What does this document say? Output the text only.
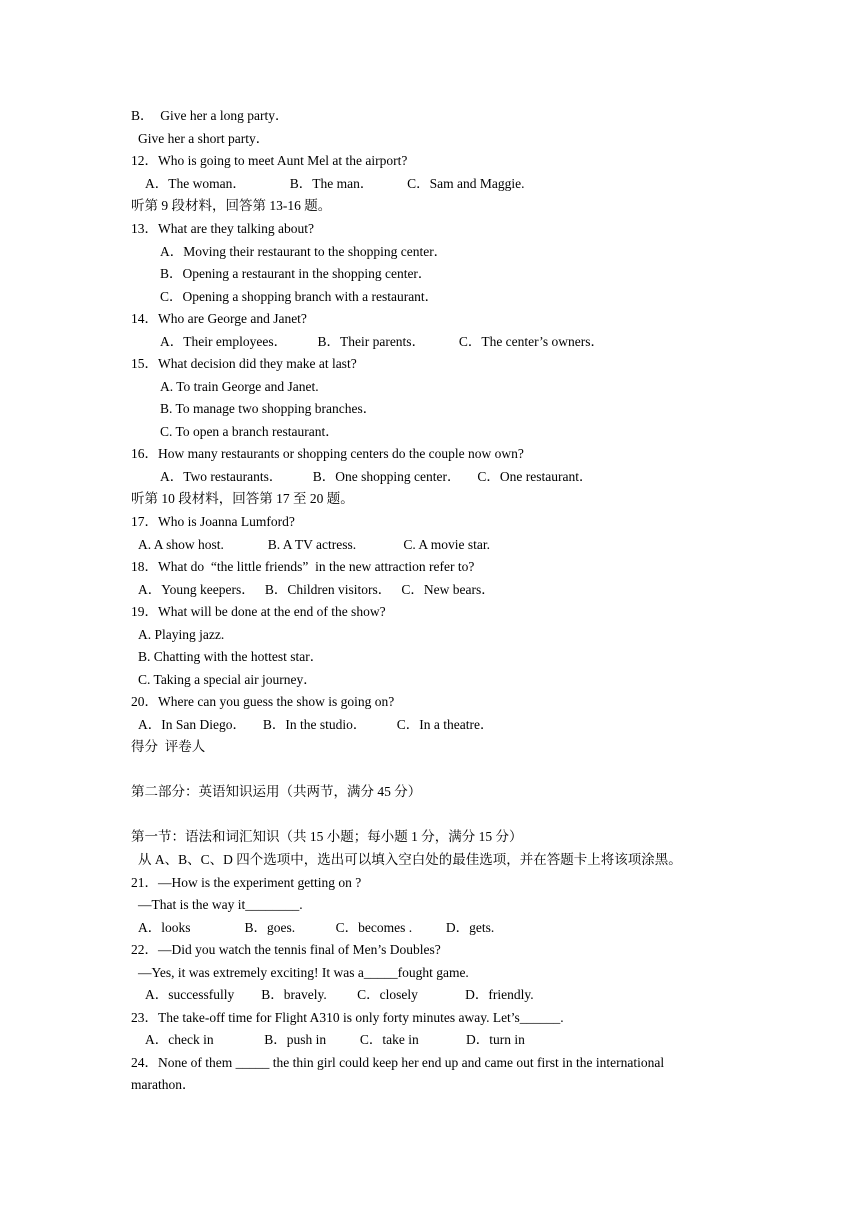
B．  Give her a long party．
Give her a short party．
12．Who is going to meet Aunt Mel at the airport?
A．The woman．             B．The man．          C．Sam and Maggie.
听第 9 段材料，回答第 13-16 题。
13．What are they talking about?
A．Moving their restaurant to the shopping center．
B．Opening a restaurant in the shopping center．
C．Opening a shopping branch with a restaurant．
14．Who are George and Janet?
A．Their employees．         B．Their parents．          C．The center’s owners．
15．What decision did they make at last?
A. To train George and Janet.
B. To manage two shopping branches．
C. To open a branch restaurant．
16．How many restaurants or shopping centers do the couple now own?
A．Two restaurants．         B．One shopping center．     C．One restaurant．
听第 10 段材料，回答第 17 至 20 题。
17．Who is Joanna Lumford?
A. A show host.             B. A TV actress.              C. A movie star.
18．What do  “the little friends”  in the new attraction refer to?
A．Young keepers．   B．Children visitors．   C．New bears．
19．What will be done at the end of the show?
A. Playing jazz.
B. Chatting with the hottest star．
C. Taking a special air journey．
20．Where can you guess the show is going on?
A．In San Diego．     B．In the studio．         C．In a theatre．
得分  评卷人
第二部分：英语知识运用（共两节，满分 45 分）
第一节：语法和词汇知识（共 15 小题；每小题 1 分，满分 15 分）
从 A、B、C、D 四个选项中，选出可以填入空白处的最佳选项，并在答题卡上将该项涂黑。
21．—How is the experiment getting on ?
—That is the way it________.
A．looks                B．goes.            C．becomes .          D．gets.
22．—Did you watch the tennis final of Men’s Doubles?
—Yes, it was extremely exciting! It was a_____fought game.
A．successfully        B．bravely.         C．closely              D．friendly.
23．The take-off time for Flight A310 is only forty minutes away. Let’s______.
A．check in               B．push in          C．take in              D．turn in
24．None of them _____ the thin girl could keep her end up and came out first in the international
marathon．
